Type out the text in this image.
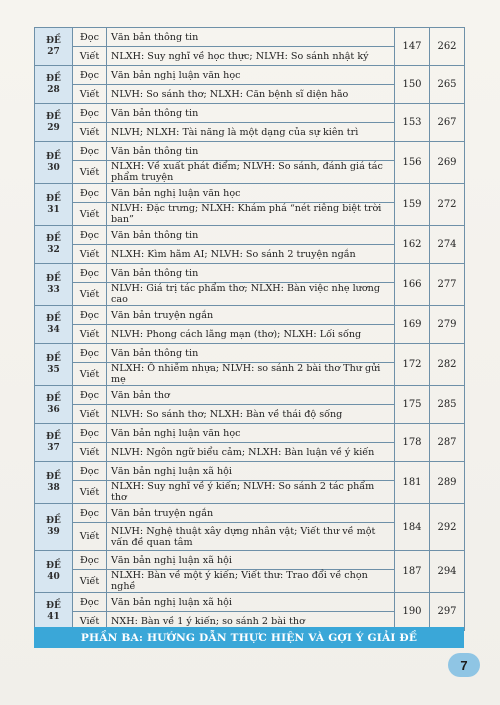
ĐỀ
27	Đọc	Văn bản thông tin	147	262
	Viết	NLXH: Suy nghĩ về học thực; NLVH: So sánh nhật ký		

ĐỀ
28	Đọc	Văn bản nghị luận văn học	150	265
	Viết	NLVH: So sánh thơ; NLXH: Căn bệnh sĩ diện hão		

ĐỀ
29	Đọc	Văn bản thông tin	153	267
	Viết	NLVH; NLXH: Tài năng là một dạng của sự kiên trì		

ĐỀ
30	Đọc	Văn bản thông tin	156	269
	Viết	NLXH: Về xuất phát điểm; NLVH: So sánh, đánh giá tác phẩm truyện		

ĐỀ
31	Đọc	Văn bản nghị luận văn học	159	272
	Viết	NLVH: Đặc trưng; NLXH: Khám phá “nét riêng biệt trời ban”		

ĐỀ
32	Đọc	Văn bản thông tin	162	274
	Viết	NLXH: Kìm hãm AI; NLVH: So sánh 2 truyện ngắn		

ĐỀ
33	Đọc	Văn bản thông tin	166	277
	Viết	NLVH: Giá trị tác phẩm thơ; NLXH: Bàn việc nhẹ lương cao		

ĐỀ
34	Đọc	Văn bản truyện ngắn	169	279
	Viết	NLVH: Phong cách lãng mạn (thơ); NLXH: Lối sống		

ĐỀ
35	Đọc	Văn bản thông tin	172	282
	Viết	NLXH: Ô nhiễm nhựa; NLVH: so sánh 2 bài thơ Thư gửi mẹ		

ĐỀ
36	Đọc	Văn bản thơ	175	285
	Viết	NLVH: So sánh thơ; NLXH: Bàn về thái độ sống		

ĐỀ
37	Đọc	Văn bản nghị luận văn học	178	287
	Viết	NLVH: Ngôn ngữ biểu cảm; NLXH: Bàn luận về ý kiến		

ĐỀ
38	Đọc	Văn bản nghị luận xã hội	181	289
	Viết	NLXH: Suy nghĩ về ý kiến; NLVH: So sánh 2 tác phẩm thơ		

ĐỀ
39	Đọc	Văn bản truyện ngắn	184	292
	Viết	NLVH: Nghệ thuật xây dựng nhân vật; Viết thư về một vấn đề quan tâm		

ĐỀ
40	Đọc	Văn bản nghị luận xã hội	187	294
	Viết	NLXH: Bàn về một ý kiến; Viết thư: Trao đổi về chọn nghề		

ĐỀ
41	Đọc	Văn bản nghị luận xã hội	190	297
	Viết	NXH: Bàn về 1 ý kiến; so sánh 2 bài thơ		
PHẦN BA: HƯỚNG DẪN THỰC HIỆN VÀ GỢI Ý GIẢI ĐỀ
7
